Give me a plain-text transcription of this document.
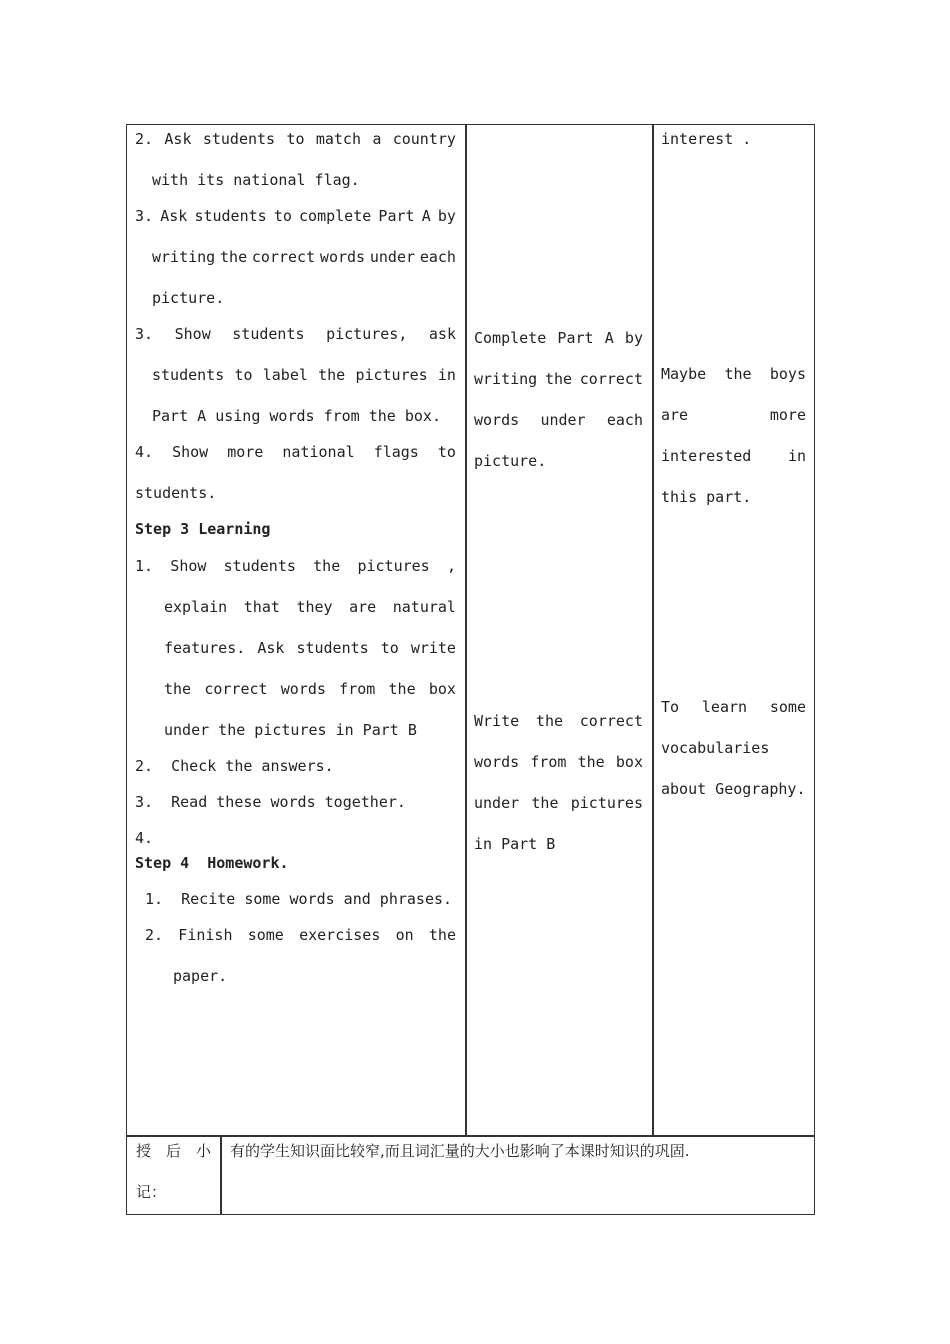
2. Ask students to match a country
with its national flag.
3. Ask students to complete Part A by
writing the correct words under each
picture.
3. Show students pictures, ask
students to label the pictures in
Part A using words from the box.
4. Show more national flags to
students.
Step 3 Learning
1. Show students the pictures ,
explain that they are natural
features. Ask students to write
the correct words from the box
under the pictures in Part B
2.  Check the answers.
3.  Read these words together.
4.
Step 4  Homework.
1.  Recite some words and phrases.
2. Finish some exercises on the
paper.
Complete Part A by
writing the correct
words under each
picture.
Write the correct
words from the box
under the pictures
in Part B
interest .
Maybe the boys
are	more
interested in
this part.
To learn some
vocabularies
about Geography.
授 后 小
记：
有的学生知识面比较窄,而且词汇量的大小也影响了本课时知识的巩固.
